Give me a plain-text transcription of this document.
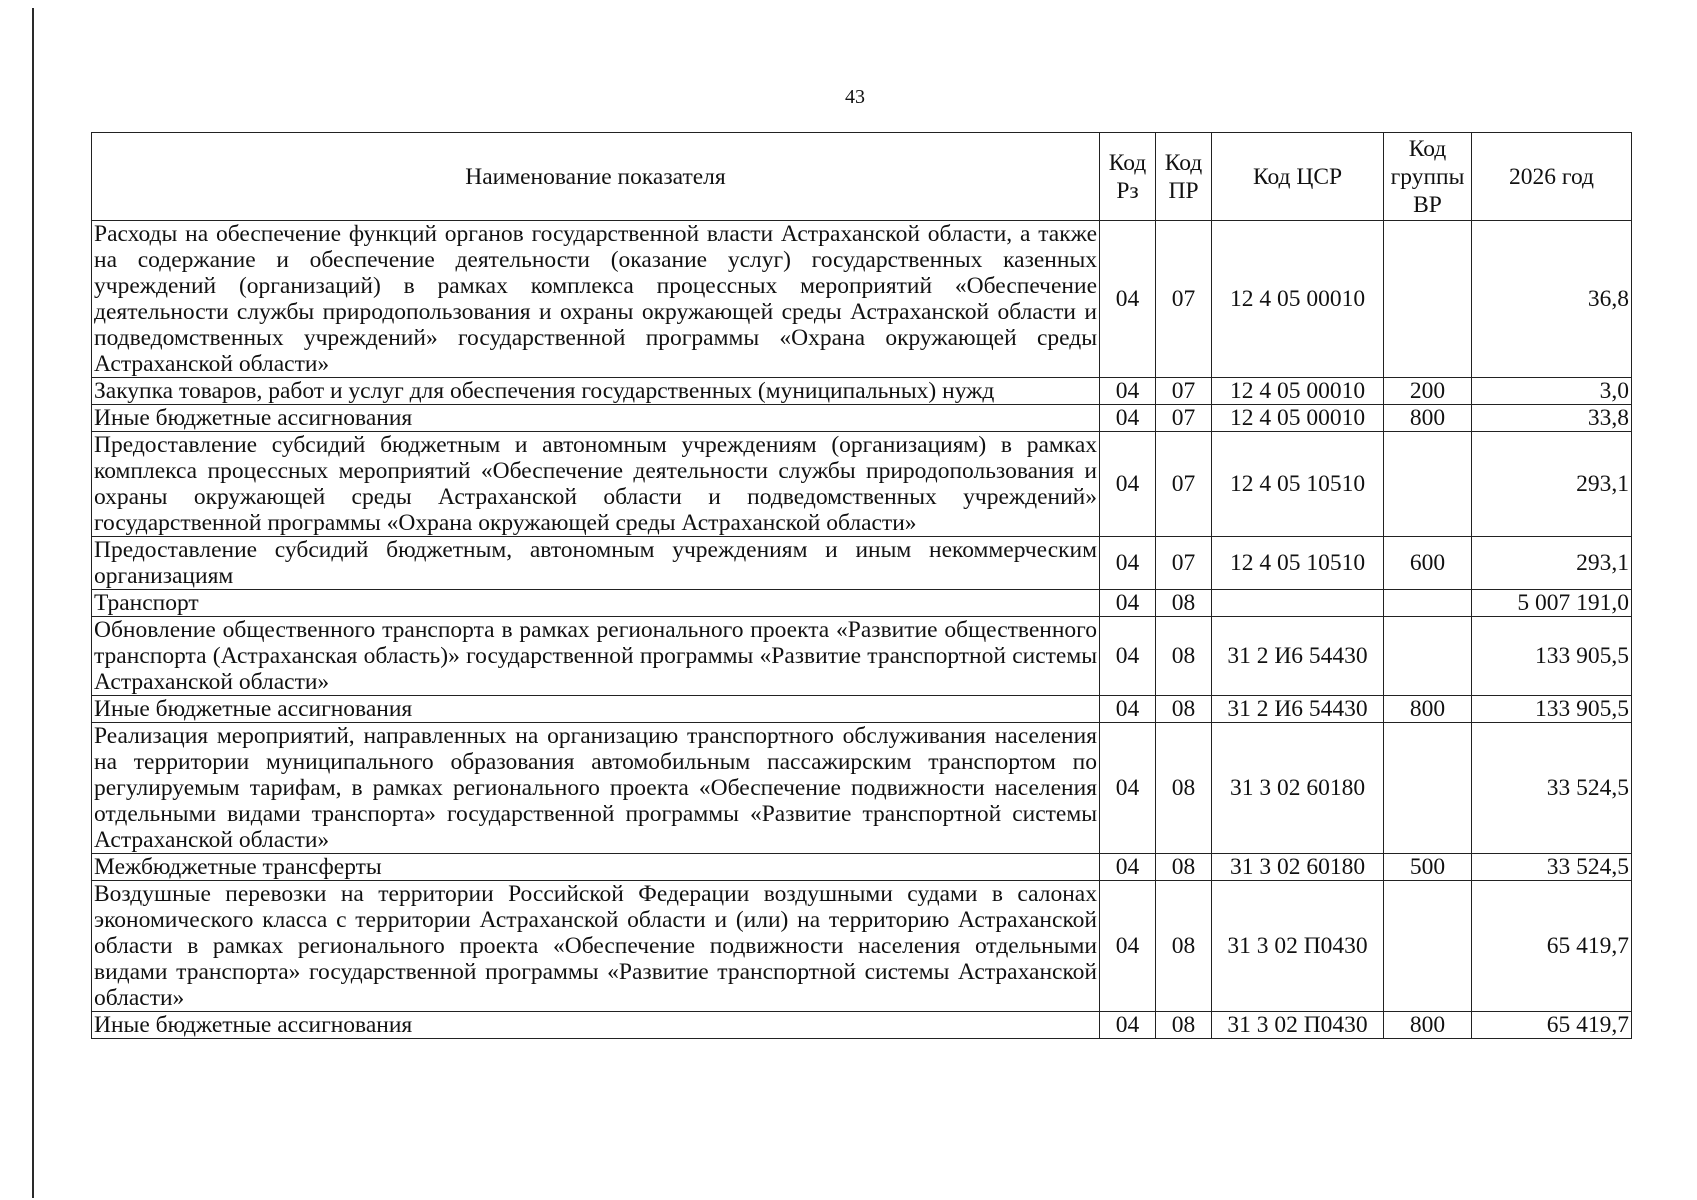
43
Наименование показателя	Код Рз	Код ПР	Код ЦСР	Код группы ВР	2026 год
Расходы на обеспечение функций органов государственной власти Астраханской области, а также на содержание и обеспечение деятельности (оказание услуг) государственных казенных учреждений (организаций) в рамках комплекса процессных мероприятий «Обеспечение деятельности службы природопользования и охраны окружающей среды Астраханской области и подведомственных учреждений» государственной программы «Охрана окружающей среды Астраханской области»	04	07	12 4 05 00010		36,8
Закупка товаров, работ и услуг для обеспечения государственных (муниципальных) нужд	04	07	12 4 05 00010	200	3,0
Иные бюджетные ассигнования	04	07	12 4 05 00010	800	33,8
Предоставление субсидий бюджетным и автономным учреждениям (организациям) в рамках комплекса процессных мероприятий «Обеспечение деятельности службы природопользования и охраны окружающей среды Астраханской области и подведомственных учреждений» государственной программы «Охрана окружающей среды Астраханской области»	04	07	12 4 05 10510		293,1
Предоставление субсидий бюджетным, автономным учреждениям и иным некоммерческим организациям	04	07	12 4 05 10510	600	293,1
Транспорт	04	08			5 007 191,0
Обновление общественного транспорта в рамках регионального проекта «Развитие общественного транспорта (Астраханская область)» государственной программы «Развитие транспортной системы Астраханской области»	04	08	31 2 И6 54430		133 905,5
Иные бюджетные ассигнования	04	08	31 2 И6 54430	800	133 905,5
Реализация мероприятий, направленных на организацию транспортного обслуживания населения на территории муниципального образования автомобильным пассажирским транспортом по регулируемым тарифам, в рамках регионального проекта «Обеспечение подвижности населения отдельными видами транспорта» государственной программы «Развитие транспортной системы Астраханской области»	04	08	31 3 02 60180		33 524,5
Межбюджетные трансферты	04	08	31 3 02 60180	500	33 524,5
Воздушные перевозки на территории Российской Федерации воздушными судами в салонах экономического класса с территории Астраханской области и (или) на территорию Астраханской области в рамках регионального проекта «Обеспечение подвижности населения отдельными видами транспорта» государственной программы «Развитие транспортной системы Астраханской области»	04	08	31 3 02 П0430		65 419,7
Иные бюджетные ассигнования	04	08	31 3 02 П0430	800	65 419,7
